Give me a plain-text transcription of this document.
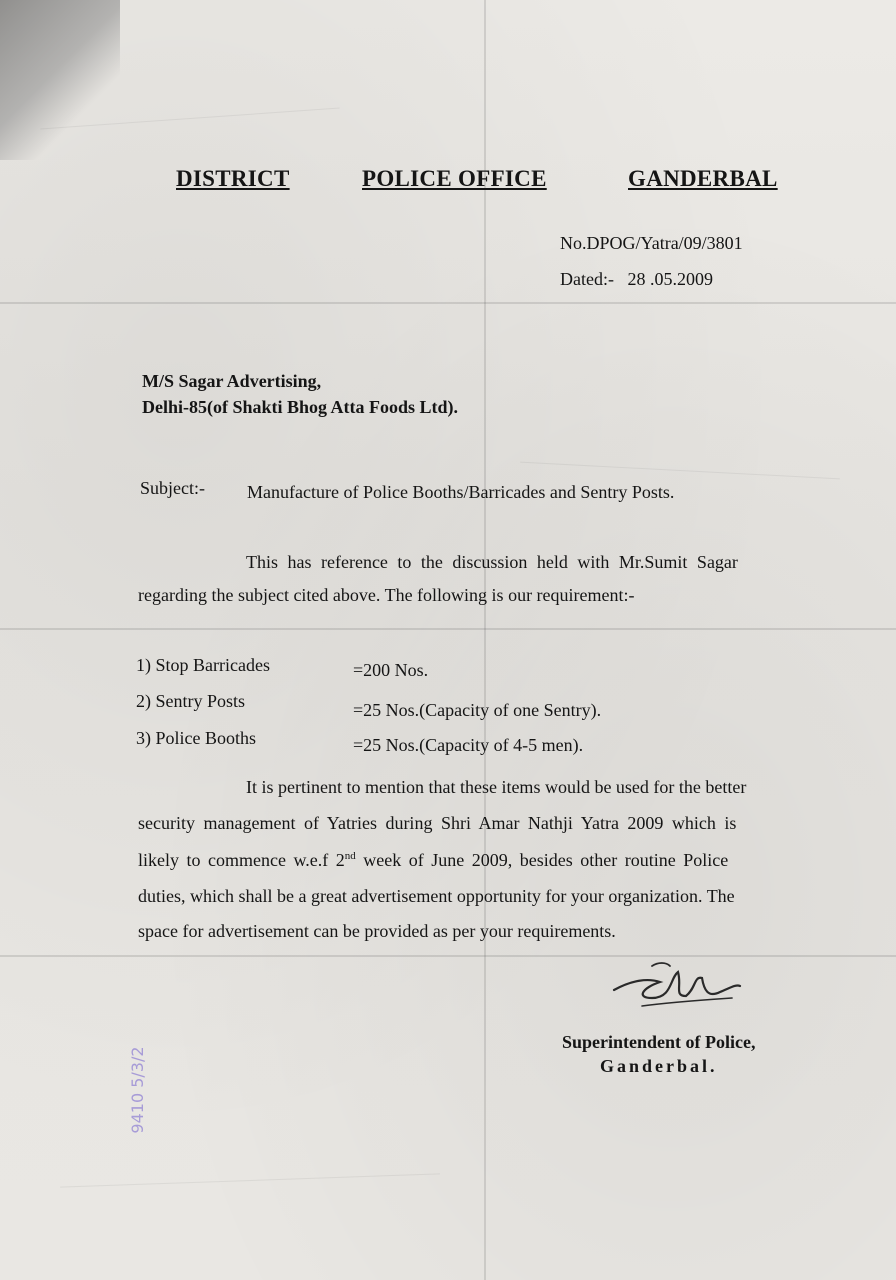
DISTRICT	POLICE OFFICE	GANDERBAL
No.DPOG/Yatra/09/3801
Dated:- 28 .05.2009
M/S Sagar Advertising,
Delhi-85(of Shakti Bhog Atta Foods Ltd).
Subject:- Manufacture of Police Booths/Barricades and Sentry Posts.
This has reference to the discussion held with Mr.Sumit Sagar
regarding the subject cited above. The following is our requirement:-
1) Stop Barricades	=200 Nos.
2) Sentry Posts	=25 Nos.(Capacity of one Sentry).
3) Police Booths	=25 Nos.(Capacity of 4-5 men).
It is pertinent to mention that these items would be used for the better
security management of Yatries during Shri Amar Nathji Yatra 2009 which is
likely to commence w.e.f 2nd week of June 2009, besides other routine Police
duties, which shall be a great advertisement opportunity for your organization. The
space for advertisement can be provided as per your requirements.
Superintendent of Police,
Ganderbal.
9410 5/3/2
